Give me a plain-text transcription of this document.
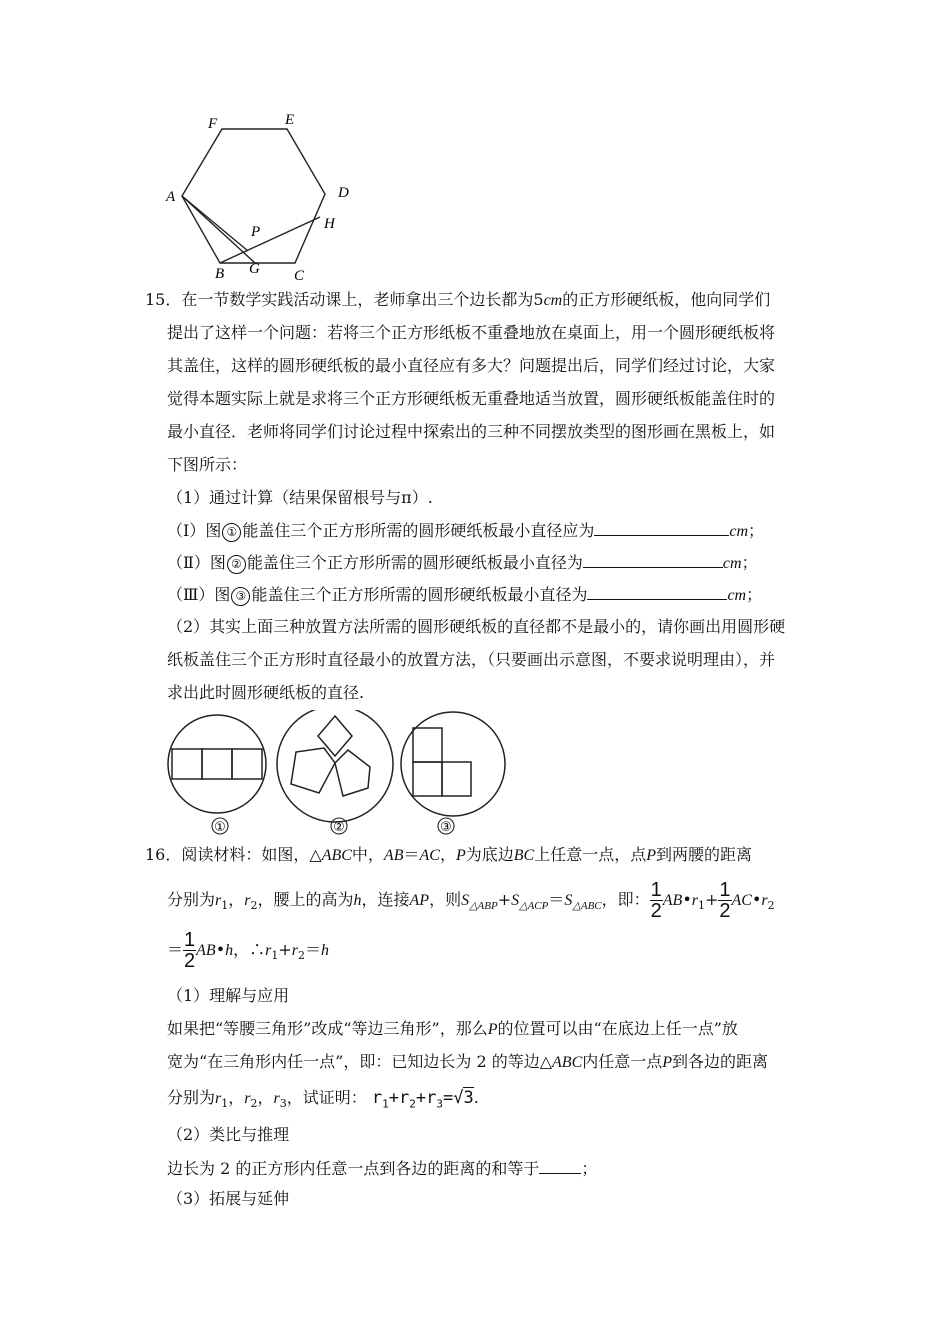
F	E
A	D
H
P
B G C
15．在一节数学实践活动课上，老师拿出三个边长都为5cm的正方形硬纸板，他向同学们
提出了这样一个问题：若将三个正方形纸板不重叠地放在桌面上，用一个圆形硬纸板将
其盖住，这样的圆形硬纸板的最小直径应有多大？问题提出后，同学们经过讨论，大家
觉得本题实际上就是求将三个正方形硬纸板无重叠地适当放置，圆形硬纸板能盖住时的
最小直径．老师将同学们讨论过程中探索出的三种不同摆放类型的图形画在黑板上，如
下图所示：
（1）通过计算（结果保留根号与π）.
（Ⅰ）图 ① 能盖住三个正方形所需的圆形硬纸板最小直径应为	cm；
（Ⅱ）图 ② 能盖住三个正方形所需的圆形硬纸板最小直径为	cm；
（Ⅲ）图 ③ 能盖住三个正方形所需的圆形硬纸板最小直径为	cm；
（2）其实上面三种放置方法所需的圆形硬纸板的直径都不是最小的，请你画出用圆形硬
纸板盖住三个正方形时直径最小的放置方法，（只要画出示意图，不要求说明理由），并
求出此时圆形硬纸板的直径.
①	②	③
16．阅读材料：如图，△ABC中，AB＝AC，P为底边BC上任意一点，点P到两腰的距离
分别为$r_1$，$r_2$，腰上的高为h，连接AP，则$S_{\triangle ABP}+S_{\triangle ACP}=S_{\triangle ABC}$，即： $\frac{1}{2}$ $AB•r_1+ \frac{1}{2}$ $AC•r_2$
＝ $\frac{1}{2}$ AB•h，$\therefore r_1+r_2=h$
（1）理解与应用
如果把“等腰三角形”改成“等边三角形”，那么P的位置可以由“在底边上任一点”放
宽为“在三角形内任一点”，即：已知边长为 2 的等边△ABC内任意一点P到各边的距离
分别为$r_1$，$r_2$，$r_3$，试证明： $r_1+r_2+r_3=√3$.
（2）类比与推理
边长为 2 的正方形内任意一点到各边的距离的和等于	；
（3）拓展与延伸
